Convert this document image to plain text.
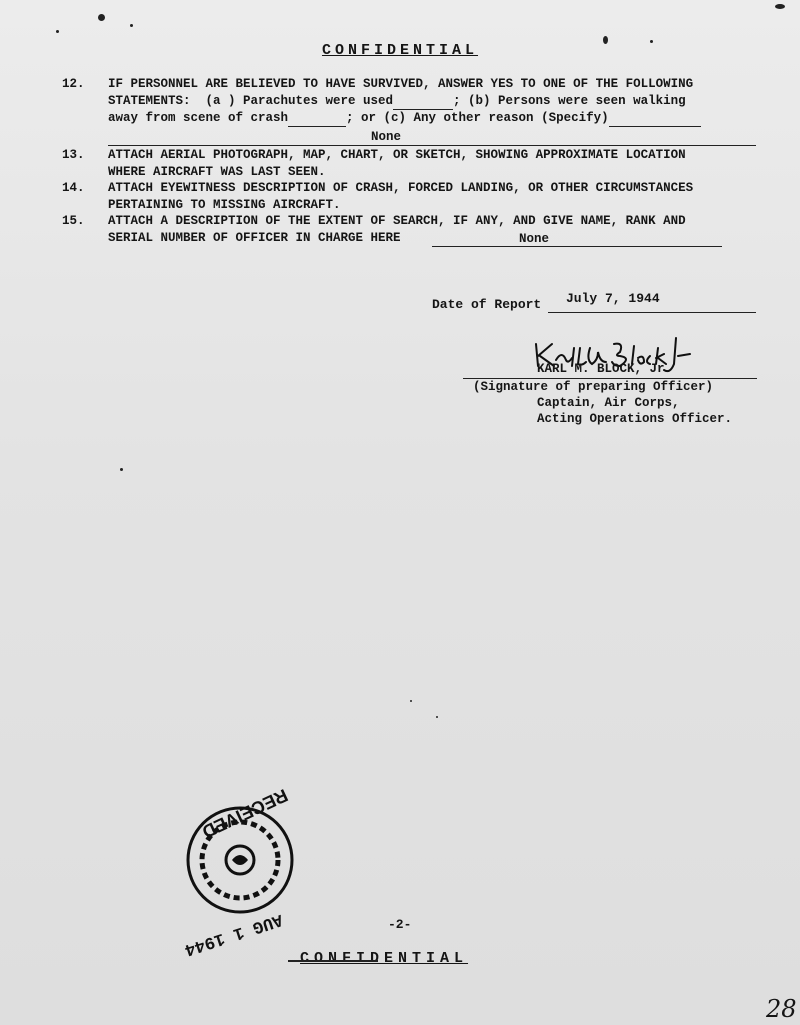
CONFIDENTIAL
12.	IF PERSONNEL ARE BELIEVED TO HAVE SURVIVED, ANSWER YES TO ONE OF THE FOLLOWING
STATEMENTS:  (a ) Parachutes were used	; (b) Persons were seen walking
away from scene of crash	; or (c) Any other reason (Specify)
None
13.	ATTACH AERIAL PHOTOGRAPH, MAP, CHART, OR SKETCH, SHOWING APPROXIMATE LOCATION
WHERE AIRCRAFT WAS LAST SEEN.
14.	ATTACH EYEWITNESS DESCRIPTION OF CRASH, FORCED LANDING, OR OTHER CIRCUMSTANCES
PERTAINING TO MISSING AIRCRAFT.
15.	ATTACH A DESCRIPTION OF THE EXTENT OF SEARCH, IF ANY, AND GIVE NAME, RANK AND
SERIAL NUMBER OF OFFICER IN CHARGE HERE	None
Date of Report July 7, 1944
Karl M. Block Jr.
KARL M. BLOCK, Jr.
(Signature of preparing Officer)
Captain, Air Corps,
Acting Operations Officer.
RECEIVED
AUG 1 1944	-2-
CONFIDENTIAL
28
